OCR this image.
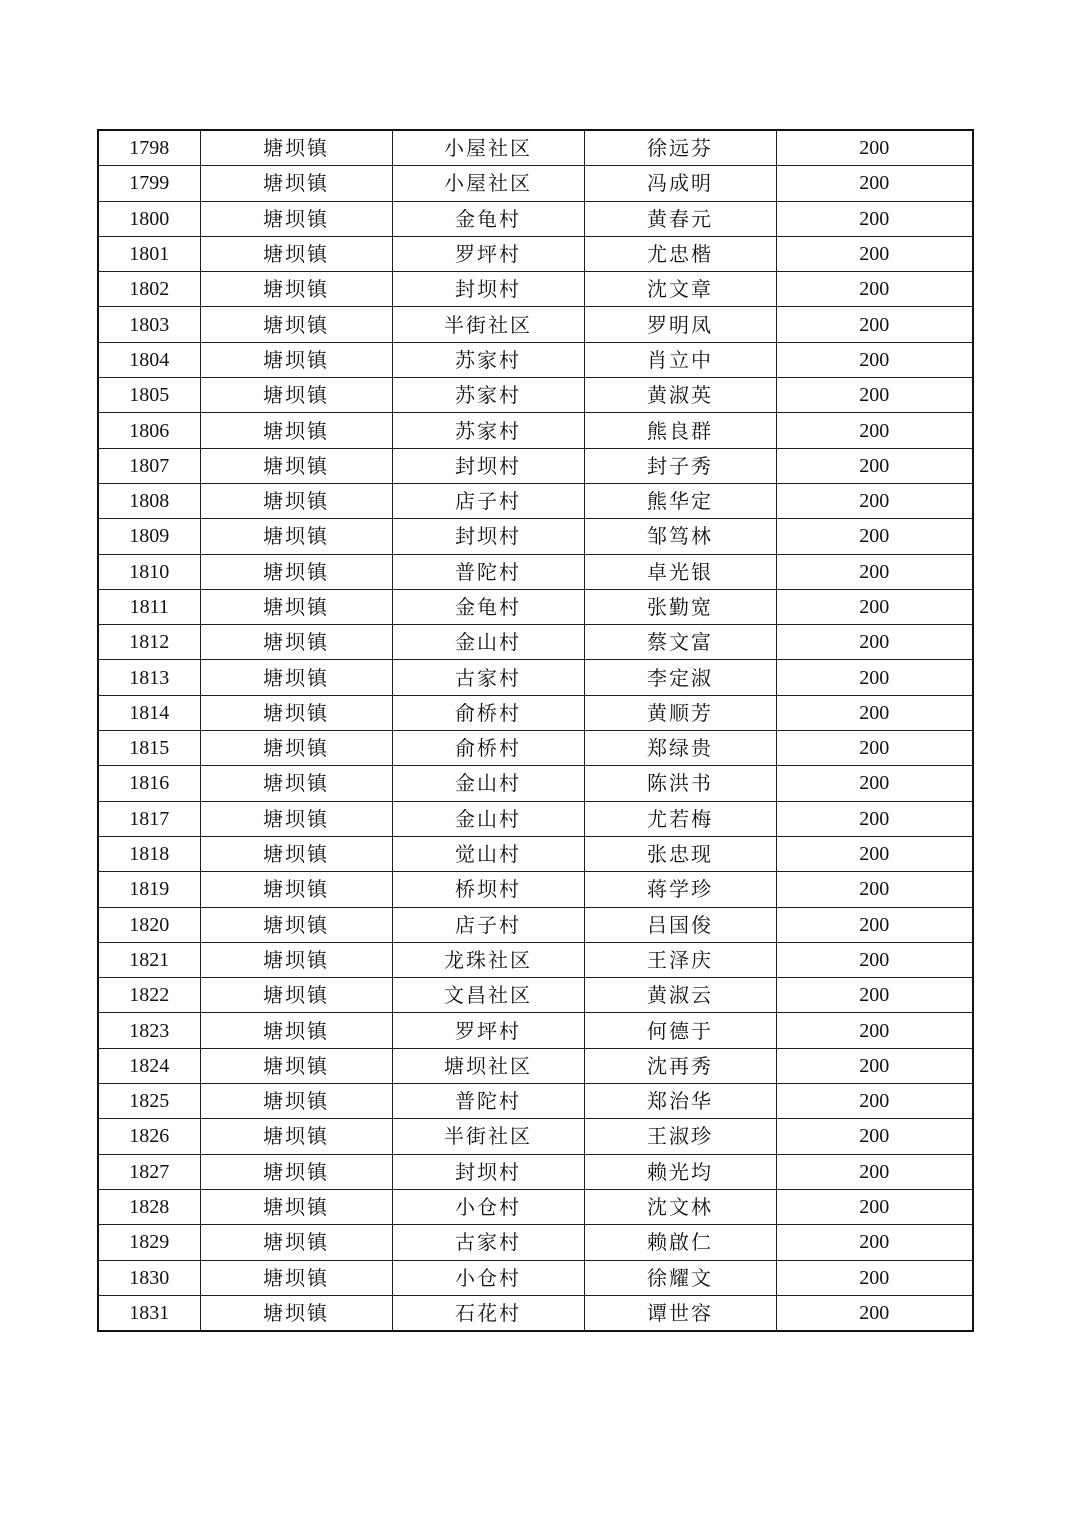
1798	塘坝镇	小屋社区	徐远芬	200
1799	塘坝镇	小屋社区	冯成明	200
1800	塘坝镇	金龟村	黄春元	200
1801	塘坝镇	罗坪村	尤忠楷	200
1802	塘坝镇	封坝村	沈文章	200
1803	塘坝镇	半街社区	罗明凤	200
1804	塘坝镇	苏家村	肖立中	200
1805	塘坝镇	苏家村	黄淑英	200
1806	塘坝镇	苏家村	熊良群	200
1807	塘坝镇	封坝村	封子秀	200
1808	塘坝镇	店子村	熊华定	200
1809	塘坝镇	封坝村	邹笃林	200
1810	塘坝镇	普陀村	卓光银	200
1811	塘坝镇	金龟村	张勤宽	200
1812	塘坝镇	金山村	蔡文富	200
1813	塘坝镇	古家村	李定淑	200
1814	塘坝镇	俞桥村	黄顺芳	200
1815	塘坝镇	俞桥村	郑绿贵	200
1816	塘坝镇	金山村	陈洪书	200
1817	塘坝镇	金山村	尤若梅	200
1818	塘坝镇	觉山村	张忠现	200
1819	塘坝镇	桥坝村	蒋学珍	200
1820	塘坝镇	店子村	吕国俊	200
1821	塘坝镇	龙珠社区	王泽庆	200
1822	塘坝镇	文昌社区	黄淑云	200
1823	塘坝镇	罗坪村	何德于	200
1824	塘坝镇	塘坝社区	沈再秀	200
1825	塘坝镇	普陀村	郑治华	200
1826	塘坝镇	半街社区	王淑珍	200
1827	塘坝镇	封坝村	赖光均	200
1828	塘坝镇	小仓村	沈文林	200
1829	塘坝镇	古家村	赖啟仁	200
1830	塘坝镇	小仓村	徐耀文	200
1831	塘坝镇	石花村	谭世容	200
